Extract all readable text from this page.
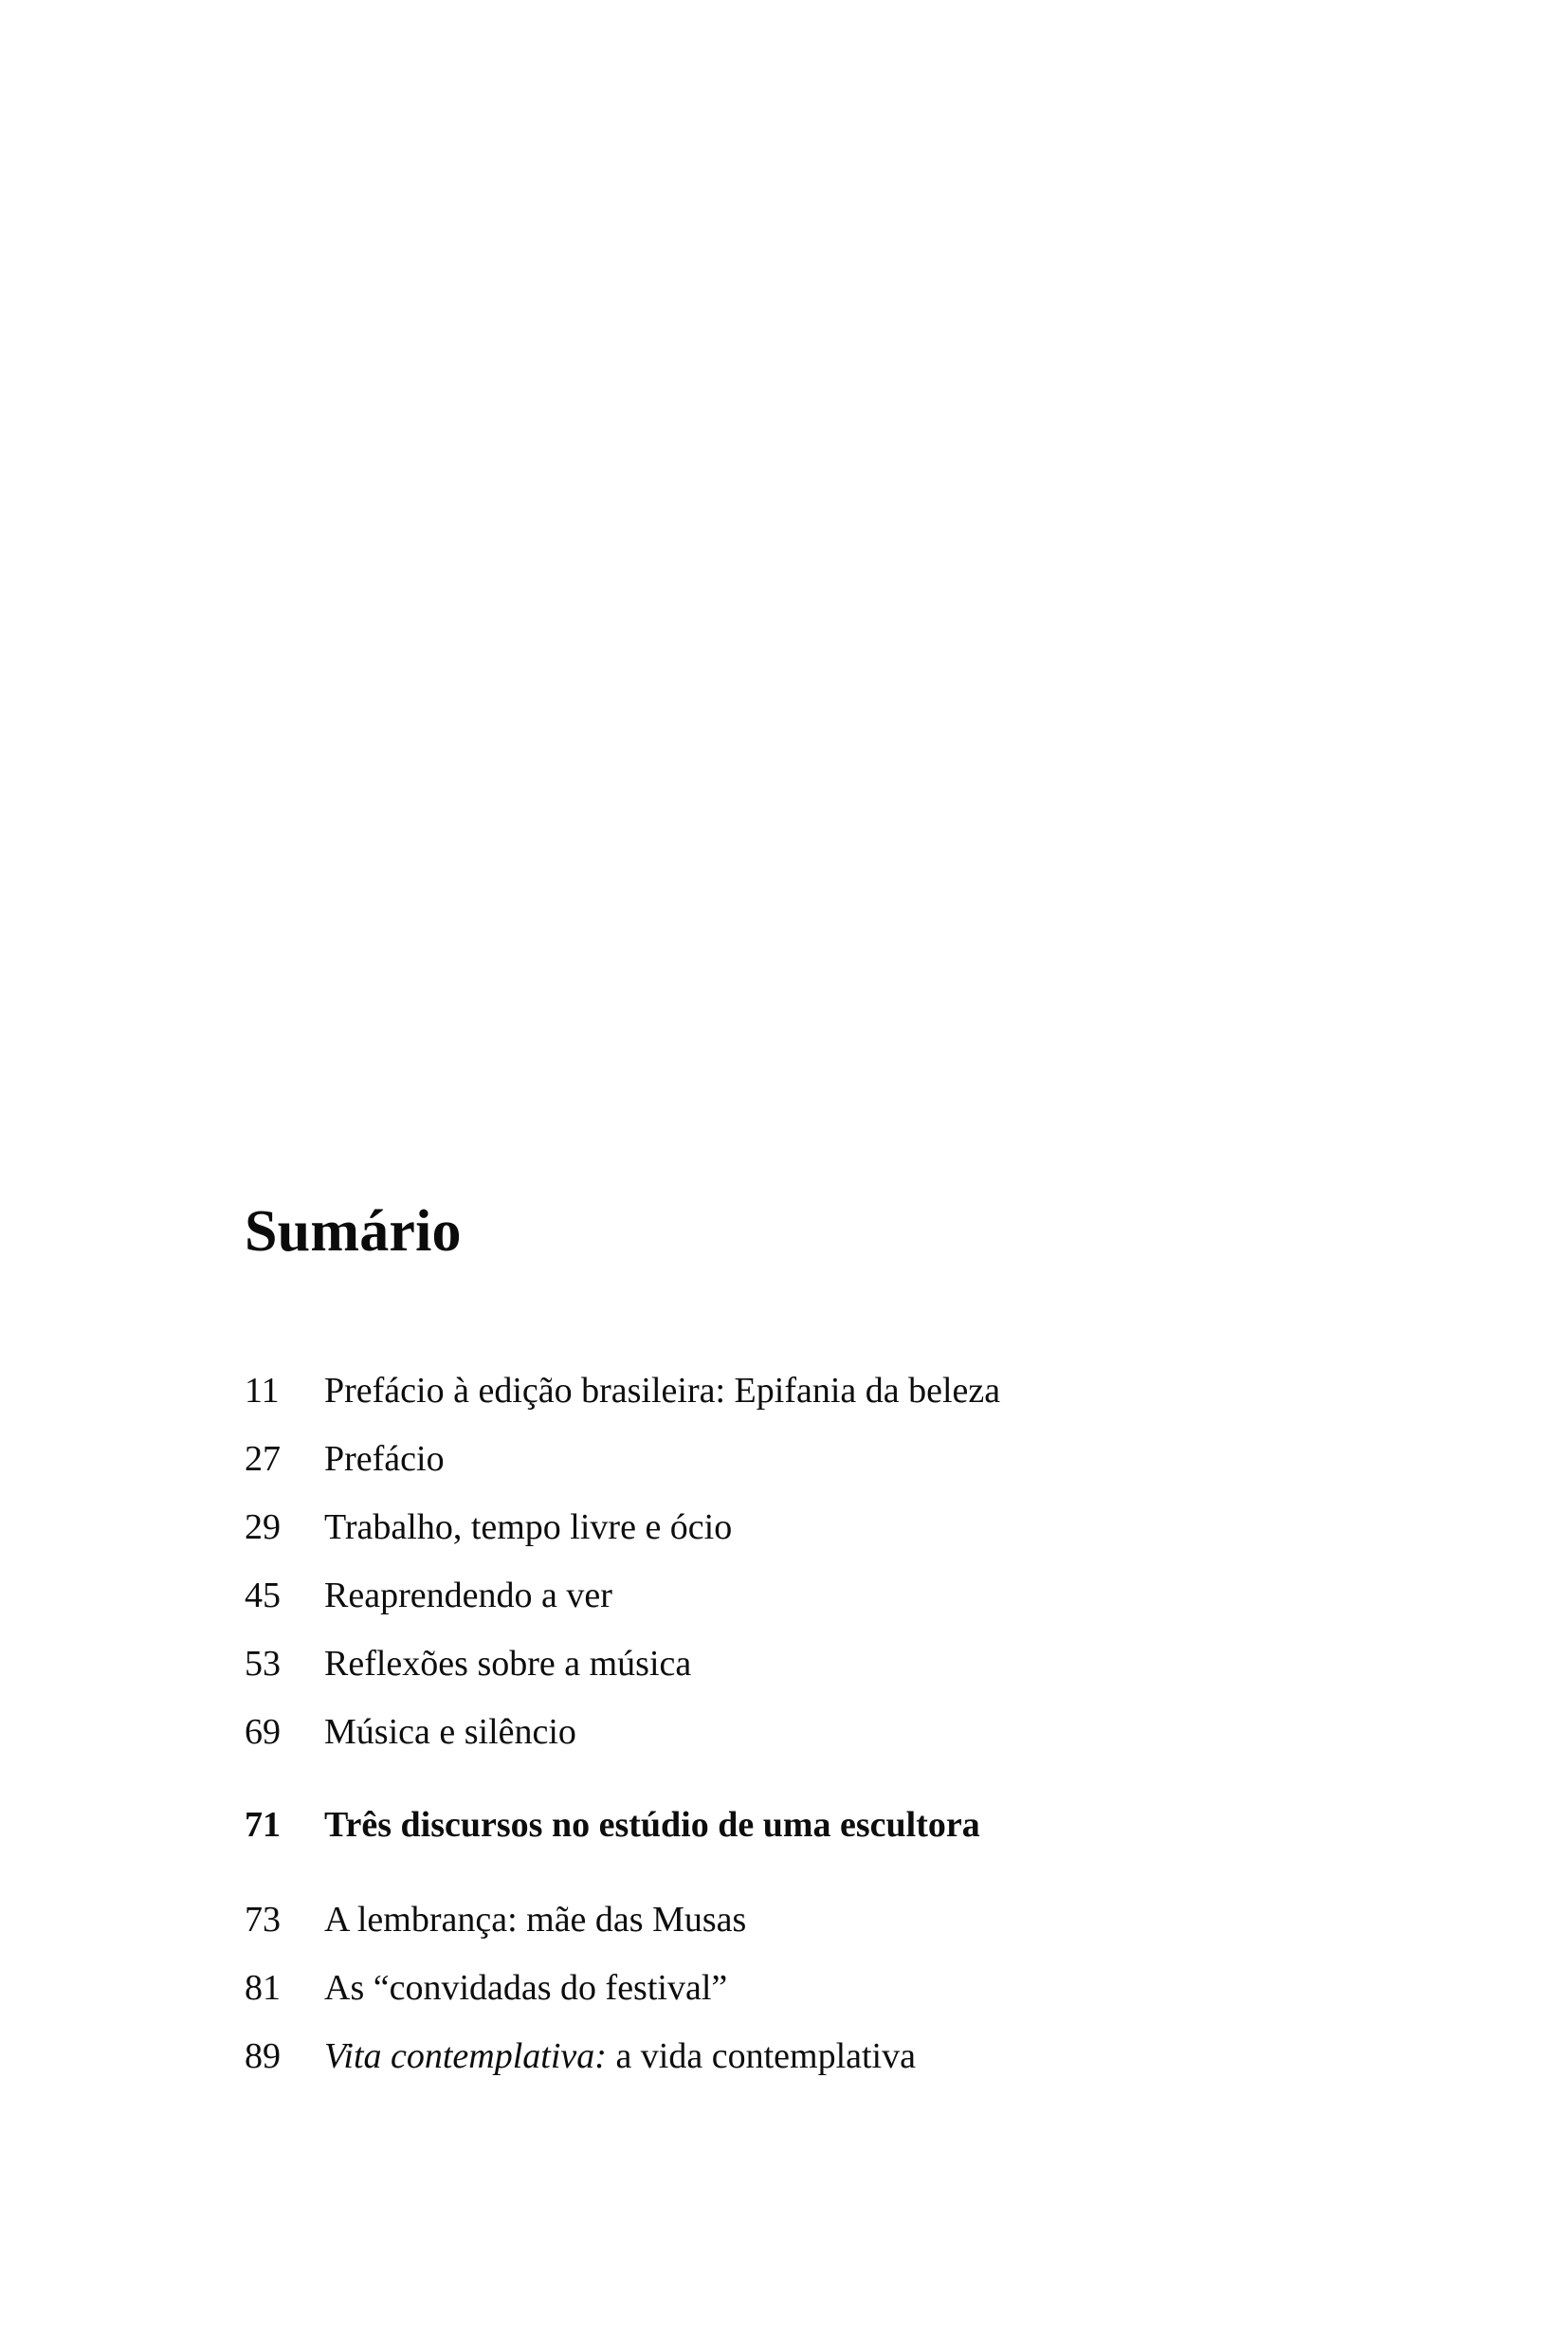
Sumário
11	Prefácio à edição brasileira: Epifania da beleza
27	Prefácio
29	Trabalho, tempo livre e ócio
45	Reaprendendo a ver
53	Reflexões sobre a música
69	Música e silêncio
71	Três discursos no estúdio de uma escultora
73	A lembrança: mãe das Musas
81	As “convidadas do festival”
89	Vita contemplativa: a vida contemplativa
